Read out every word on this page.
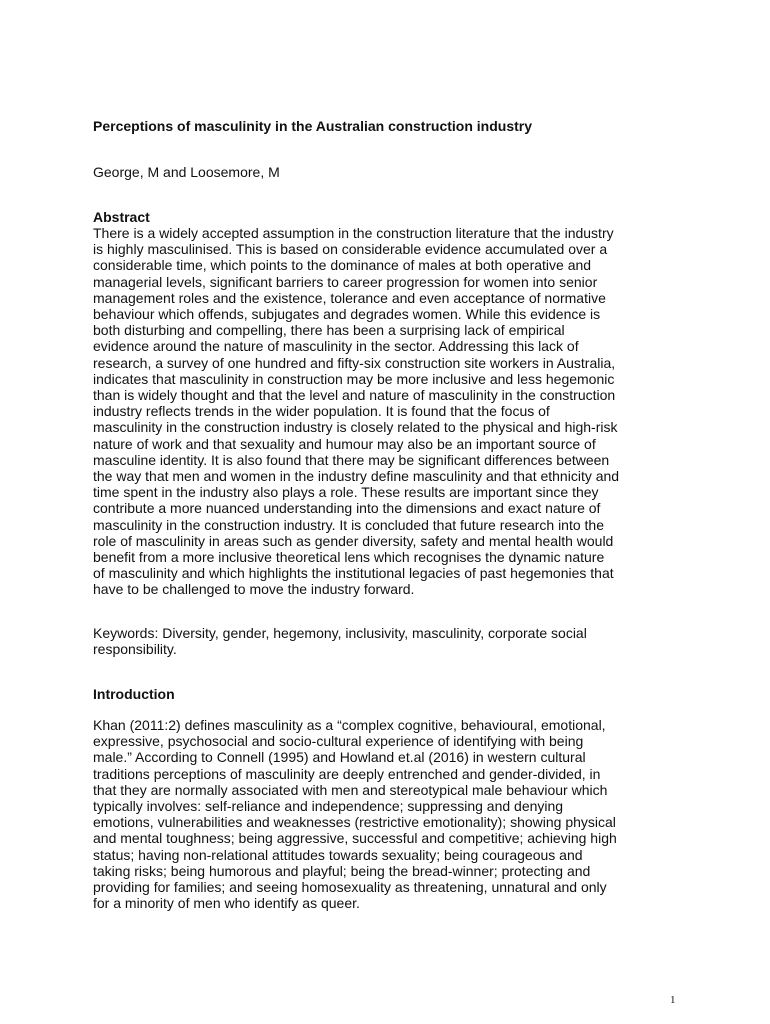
Perceptions of masculinity in the Australian construction industry
George, M and Loosemore, M
Abstract
There is a widely accepted assumption in the construction literature that the industry
is highly masculinised. This is based on considerable evidence accumulated over a
considerable time, which points to the dominance of males at both operative and
managerial levels, significant barriers to career progression for women into senior
management roles and the existence, tolerance and even acceptance of normative
behaviour which offends, subjugates and degrades women. While this evidence is
both disturbing and compelling, there has been a surprising lack of empirical
evidence around the nature of masculinity in the sector. Addressing this lack of
research, a survey of one hundred and fifty-six construction site workers in Australia,
indicates that masculinity in construction may be more inclusive and less hegemonic
than is widely thought and that the level and nature of masculinity in the construction
industry reflects trends in the wider population. It is found that the focus of
masculinity in the construction industry is closely related to the physical and high-risk
nature of work and that sexuality and humour may also be an important source of
masculine identity. It is also found that there may be significant differences between
the way that men and women in the industry define masculinity and that ethnicity and
time spent in the industry also plays a role. These results are important since they
contribute a more nuanced understanding into the dimensions and exact nature of
masculinity in the construction industry. It is concluded that future research into the
role of masculinity in areas such as gender diversity, safety and mental health would
benefit from a more inclusive theoretical lens which recognises the dynamic nature
of masculinity and which highlights the institutional legacies of past hegemonies that
have to be challenged to move the industry forward.
Keywords: Diversity, gender, hegemony, inclusivity, masculinity, corporate social
responsibility.
Introduction
Khan (2011:2) defines masculinity as a “complex cognitive, behavioural, emotional,
expressive, psychosocial and socio-cultural experience of identifying with being
male.” According to Connell (1995) and Howland et.al (2016) in western cultural
traditions perceptions of masculinity are deeply entrenched and gender-divided, in
that they are normally associated with men and stereotypical male behaviour which
typically involves: self-reliance and independence; suppressing and denying
emotions, vulnerabilities and weaknesses (restrictive emotionality); showing physical
and mental toughness; being aggressive, successful and competitive; achieving high
status; having non-relational attitudes towards sexuality; being courageous and
taking risks; being humorous and playful; being the bread-winner; protecting and
providing for families; and seeing homosexuality as threatening, unnatural and only
for a minority of men who identify as queer.
1
